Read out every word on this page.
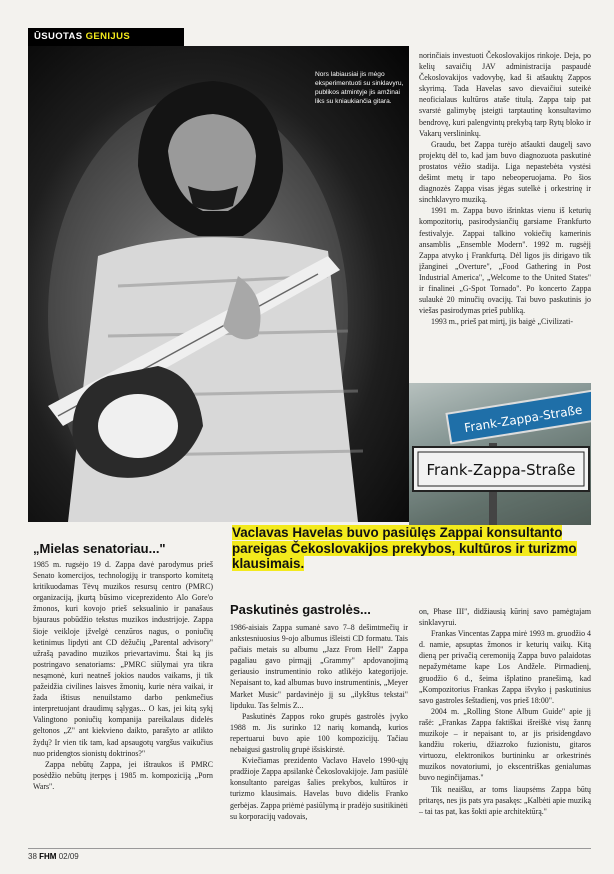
ŪSUOTAS GENIJUS
Nors labiausiai jis mėgo eksperimentuoti su sinklavyru, publikos atmintyje jis amžinai liks su kniaukiančia gitara.

norinčiais investuoti Čekoslovakijos rinkoje. Deja, po kelių savaičių JAV administracija paspaudė Čekoslovakijos vadovybę, kad ši atšauktų Zappos skyrimą. Tada Havelas savo dievaičiui suteikė neoficialaus kultūros ataše titulą. Zappa taip pat svarstė galimybę įsteigti tarptautinę konsultavimo bendrovę, kuri palengvintų prekybą tarp Rytų bloko ir Vakarų verslininkų.

Graudu, bet Zappa turėjo atšaukti daugelį savo projektų dėl to, kad jam buvo diagnozuota paskutinė prostatos vėžio stadija. Liga nepastebėta vystėsi dešimt metų ir tapo nebeoperuojama. Po šios diagnozės Zappa visas jėgas sutelkė į orkestrinę ir sinchklavyro muziką.

1991 m. Zappa buvo išrinktas vienu iš keturių kompozitorių, pasirodysiančių garsiame Frankfurto festivalyje. Zappai talkino vokiečių kamerinis ansamblis „Ensemble Modern". 1992 m. rugsėjį Zappa atvyko į Frankfurtą. Dėl ligos jis dirigavo tik įžanginei „Overture", „Food Gathering in Post Industrial America", „Welcome to the United States" ir finalinei „G-Spot Tornado". Po koncerto Zappa sulaukė 20 minučių ovacijų. Tai buvo paskutinis jo viešas pasirodymas prieš publiką.

1993 m., prieš pat mirtį, jis baigė „Civilizati-

Frank-Zappa-Straße
Frank-Zappa-Straße
„Mielas senatoriau..."

1985 m. rugsėjo 19 d. Zappa davė parodymus prieš Senato komercijos, technologijų ir transporto komitetą kritikuodamas Tėvų muzikos resursų centro (PMRC) organizaciją, įkurtą būsimo viceprezidento Alo Gore'o žmonos, kuri kovojo prieš seksualinio ir panašaus bjauraus pobūdžio tekstus muzikos industrijoje. Zappa šioje veikloje įžvelgė cenzūros nagus, o poniučių ketinimus lipdyti ant CD dėžučių „Parental advisory" užrašą pavadino muzikos prievartavimu. Štai ką jis postringavo senatoriams: „PMRC siūlymai yra tikra nesąmonė, kuri neatneš jokios naudos vaikams, ji tik pažeidžia civilines laisves žmonių, kurie nėra vaikai, ir žada ištisus nenuilstamo darbo penkmečius interpretuojant draudimų sąlygas... O kas, jei kitą sykį Valingtono poniučių kompanija pareikalaus didelės geltonos „Z" ant kiekvieno daikto, parašyto ar atlikto žydų? Ir vien tik tam, kad apsaugotų vargšus vaikučius nuo pridengtos sionistų doktrinos?"

Zappa nebūtų Zappa, jei ištraukos iš PMRC posėdžio nebūtų įterpęs į 1985 m. kompoziciją „Porn Wars".

Vaclavas Havelas buvo pasiūlęs Zappai konsultanto pareigas Čekoslovakijos prekybos, kultūros ir turizmo klausimais.
Paskutinės gastrolės...

1986-aisiais Zappa sumanė savo 7–8 dešimtmečių ir ankstesniuosius 9-ojo albumus išleisti CD formatu. Tais pačiais metais su albumu „Jazz From Hell" Zappa pagaliau gavo pirmąjį „Grammy" apdovanojimą geriausio instrumentinio roko atlikėjo kategorijoje. Nepaisant to, kad albumas buvo instrumentinis, „Meyer Market Music" pardavinėjo jį su „ilykštus tekstai" lipduku. Tas šelmis Z...

Paskutinės Zappos roko grupės gastrolės įvyko 1988 m. Jis surinko 12 narių komandą, kurios repertuarui buvo apie 100 kompozicijų. Tačiau nebaigusi gastrolių grupė išsiskirstė.

Kviečiamas prezidento Vaclavo Havelo 1990-ųjų pradžioje Zappa apsilankė Čekoslovakijoje. Jam pasiūlė konsultanto pareigas šalies prekybos, kultūros ir turizmo klausimais. Havelas buvo didelis Franko gerbėjas. Zappa priėmė pasiūlymą ir pradėjo susitikinėti su korporacijų vadovais,

on, Phase III", didžiausią kūrinį savo pamėgtajam sinklavyrui.

Frankas Vincentas Zappa mirė 1993 m. gruodžio 4 d. namie, apsuptas žmonos ir keturių vaikų. Kitą dieną per privačią ceremoniją Zappa buvo palaidotas nepažymėtame kape Los Andžele. Pirmadienį, gruodžio 6 d., šeima išplatino pranešimą, kad „Kompozitorius Frankas Zappa išvyko į paskutinius savo gastroles šeštadienį, vos prieš 18:00".

2004 m. „Rolling Stone Album Guide" apie jį rašė: „Frankas Zappa faktiškai išreiškė visų žanrų muzikoje – ir nepaisant to, ar jis prisidengdavo kandžiu rokeriu, džiazroko fuzionistu, gitaros virtuozu, elektronikos burtininku ar orkestrinės muzikos novatoriumi, jo ekscentriškas genialumas buvo neginčijamas."

Tik neaišku, ar toms liaupsėms Zappa būtų pritaręs, nes jis pats yra pasakęs: „Kalbėti apie muziką – tai tas pat, kas šokti apie architektūrą."

38 FHM 02/09
